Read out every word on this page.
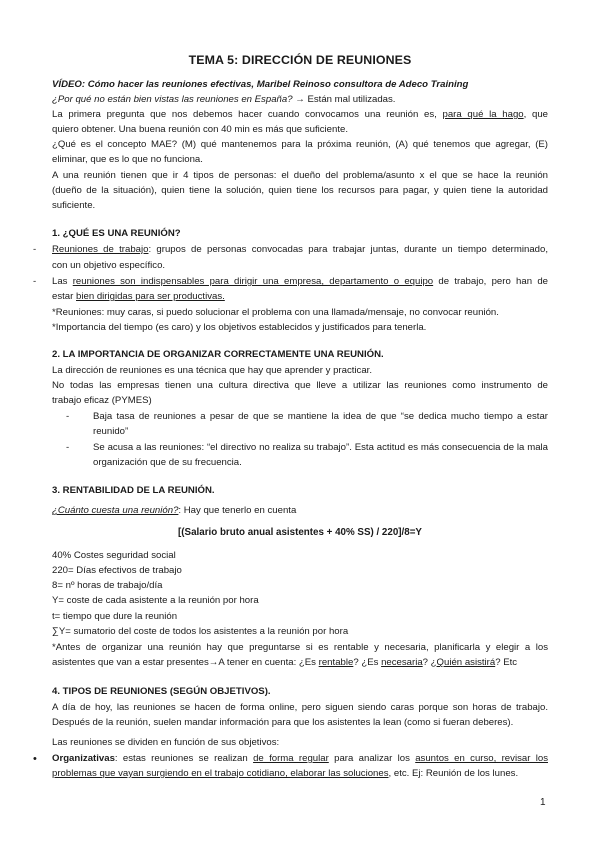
TEMA 5: DIRECCIÓN DE REUNIONES
VÍDEO: Cómo hacer las reuniones efectivas, Maribel Reinoso consultora de Adeco Training
¿Por qué no están bien vistas las reuniones en España? → Están mal utilizadas.
La primera pregunta que nos debemos hacer cuando convocamos una reunión es, para qué la hago, que
quiero obtener. Una buena reunión con 40 min es más que suficiente.
¿Qué es el concepto MAE? (M) qué mantenemos para la próxima reunión, (A) qué tenemos que agregar, (E)
eliminar, que es lo que no funciona.
A una reunión tienen que ir 4 tipos de personas: el dueño del problema/asunto x el que se hace la reunión
(dueño de la situación), quien tiene la solución, quien tiene los recursos para pagar, y quien tiene la autoridad
suficiente.
1. ¿QUÉ ES UNA REUNIÓN?
- Reuniones de trabajo: grupos de personas convocadas para trabajar juntas, durante un tiempo determinado,
con un objetivo específico.
- Las reuniones son indispensables para dirigir una empresa, departamento o equipo de trabajo, pero han de
estar bien dirigidas para ser productivas.
*Reuniones: muy caras, si puedo solucionar el problema con una llamada/mensaje, no convocar reunión.
*Importancia del tiempo (es caro) y los objetivos establecidos y justificados para tenerla.
2. LA IMPORTANCIA DE ORGANIZAR CORRECTAMENTE UNA REUNIÓN.
La dirección de reuniones es una técnica que hay que aprender y practicar.
No todas las empresas tienen una cultura directiva que lleve a utilizar las reuniones como instrumento de
trabajo eficaz (PYMES)
- Baja tasa de reuniones a pesar de que se mantiene la idea de que “se dedica mucho tiempo a estar
reunido”
- Se acusa a las reuniones: “el directivo no realiza su trabajo”. Esta actitud es más consecuencia de la mala
organización que de su frecuencia.
3. RENTABILIDAD DE LA REUNIÓN.
¿Cuánto cuesta una reunión?: Hay que tenerlo en cuenta
[(Salario bruto anual asistentes + 40% SS) / 220]/8=Y
40% Costes seguridad social
220= Días efectivos de trabajo
8= nº horas de trabajo/día
Y= coste de cada asistente a la reunión por hora
t= tiempo que dure la reunión
∑Y= sumatorio del coste de todos los asistentes a la reunión por hora
*Antes de organizar una reunión hay que preguntarse si es rentable y necesaria, planificarla y elegir a los
asistentes que van a estar presentes→A tener en cuenta: ¿Es rentable? ¿Es necesaria? ¿Quién asistirá? Etc
4. TIPOS DE REUNIONES (SEGÚN OBJETIVOS).
A día de hoy, las reuniones se hacen de forma online, pero siguen siendo caras porque son horas de trabajo.
Después de la reunión, suelen mandar información para que los asistentes la lean (como si fueran deberes).
Las reuniones se dividen en función de sus objetivos:
• Organizativas: estas reuniones se realizan de forma regular para analizar los asuntos en curso, revisar los
problemas que vayan surgiendo en el trabajo cotidiano, elaborar las soluciones, etc. Ej: Reunión de los lunes.
1
